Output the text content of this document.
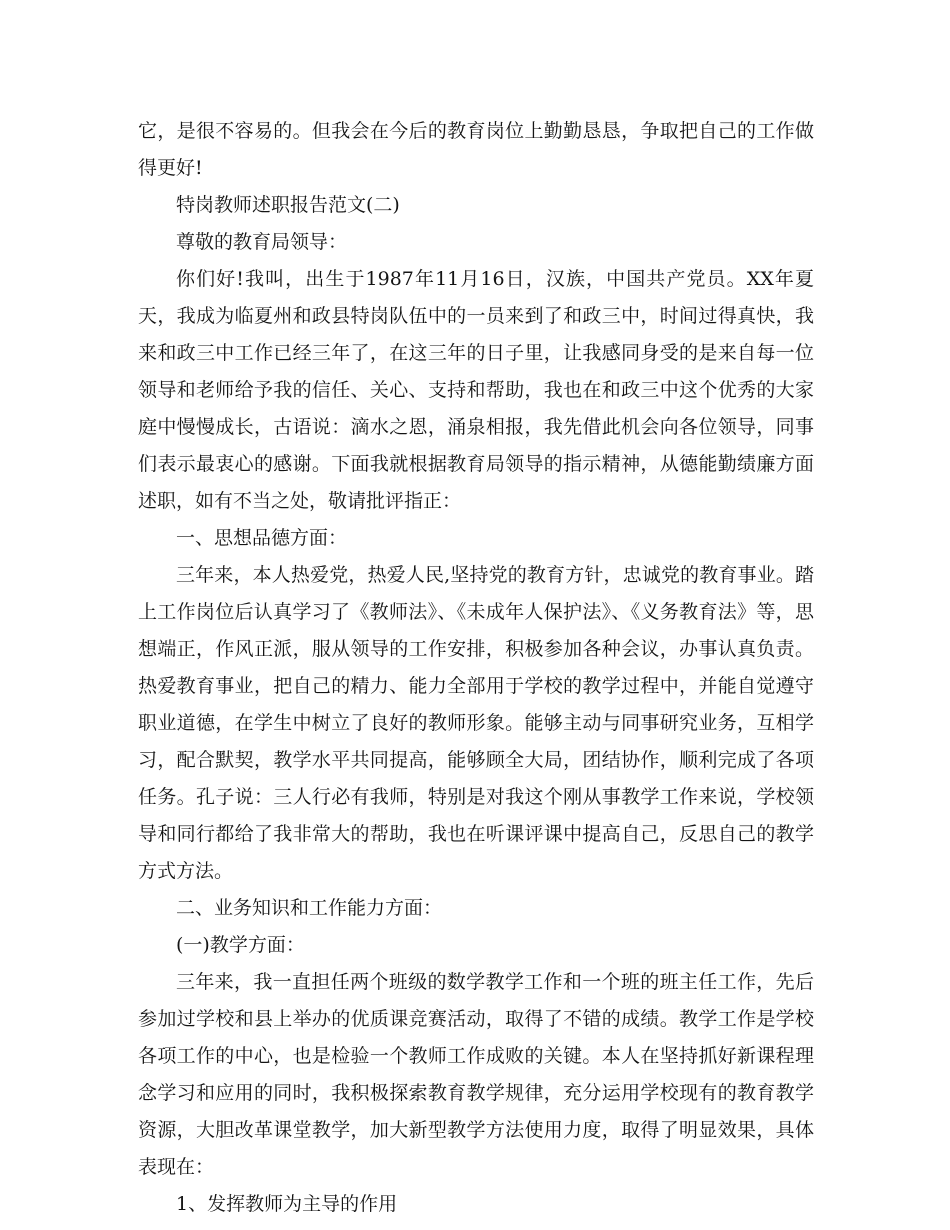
它，是很不容易的。但我会在今后的教育岗位上勤勤恳恳，争取把自己的工作做得更好!

特岗教师述职报告范文(二)

尊敬的教育局领导：

你们好!我叫，出生于1987年11月16日，汉族，中国共产党员。XX年夏天，我成为临夏州和政县特岗队伍中的一员来到了和政三中，时间过得真快，我来和政三中工作已经三年了，在这三年的日子里，让我感同身受的是来自每一位领导和老师给予我的信任、关心、支持和帮助，我也在和政三中这个优秀的大家庭中慢慢成长，古语说：滴水之恩，涌泉相报，我先借此机会向各位领导，同事们表示最衷心的感谢。下面我就根据教育局领导的指示精神，从德能勤绩廉方面述职，如有不当之处，敬请批评指正：

一、思想品德方面：

三年来，本人热爱党，热爱人民,坚持党的教育方针，忠诚党的教育事业。踏上工作岗位后认真学习了《教师法》、《未成年人保护法》、《义务教育法》等，思想端正，作风正派，服从领导的工作安排，积极参加各种会议，办事认真负责。热爱教育事业，把自己的精力、能力全部用于学校的教学过程中，并能自觉遵守职业道德，在学生中树立了良好的教师形象。能够主动与同事研究业务，互相学习，配合默契，教学水平共同提高，能够顾全大局，团结协作，顺利完成了各项任务。孔子说：三人行必有我师，特别是对我这个刚从事教学工作来说，学校领导和同行都给了我非常大的帮助，我也在听课评课中提高自己，反思自己的教学方式方法。

二、业务知识和工作能力方面：

(一)教学方面：

三年来，我一直担任两个班级的数学教学工作和一个班的班主任工作，先后参加过学校和县上举办的优质课竞赛活动，取得了不错的成绩。教学工作是学校各项工作的中心，也是检验一个教师工作成败的关键。本人在坚持抓好新课程理念学习和应用的同时，我积极探索教育教学规律，充分运用学校现有的教育教学资源，大胆改革课堂教学，加大新型教学方法使用力度，取得了明显效果，具体表现在：

1、发挥教师为主导的作用
